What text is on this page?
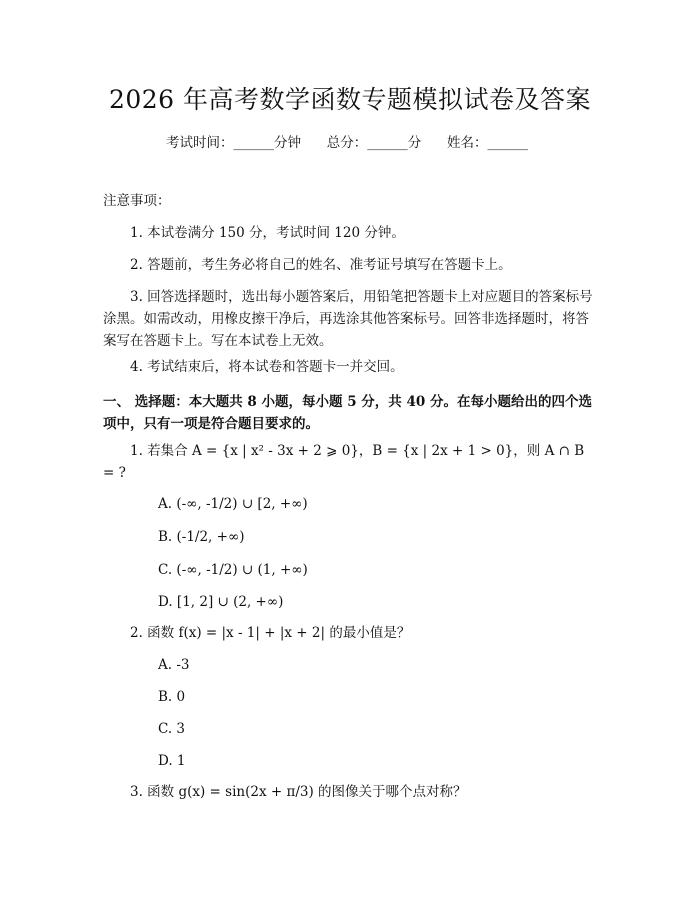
2026 年高考数学函数专题模拟试卷及答案
考试时间：______分钟      总分：______分      姓名：______
注意事项：
1. 本试卷满分 150 分，考试时间 120 分钟。
2. 答题前，考生务必将自己的姓名、准考证号填写在答题卡上。
3. 回答选择题时，选出每小题答案后，用铅笔把答题卡上对应题目的答案标号涂黑。如需改动，用橡皮擦干净后，再选涂其他答案标号。回答非选择题时，将答案写在答题卡上。写在本试卷上无效。
4. 考试结束后，将本试卷和答题卡一并交回。
一、 选择题：本大题共 8 小题，每小题 5 分，共 40 分。在每小题给出的四个选项中，只有一项是符合题目要求的。
1. 若集合 A = {x | x² - 3x + 2 ⩾ 0}，B = {x | 2x + 1 > 0}，则 A ∩ B = ?
A. (-∞, -1/2) ∪ [2, +∞)
B. (-1/2, +∞)
C. (-∞, -1/2) ∪ (1, +∞)
D. [1, 2] ∪ (2, +∞)
2. 函数 f(x) = |x - 1| + |x + 2| 的最小值是？
A. -3
B. 0
C. 3
D. 1
3. 函数 g(x) = sin(2x + π/3) 的图像关于哪个点对称？
